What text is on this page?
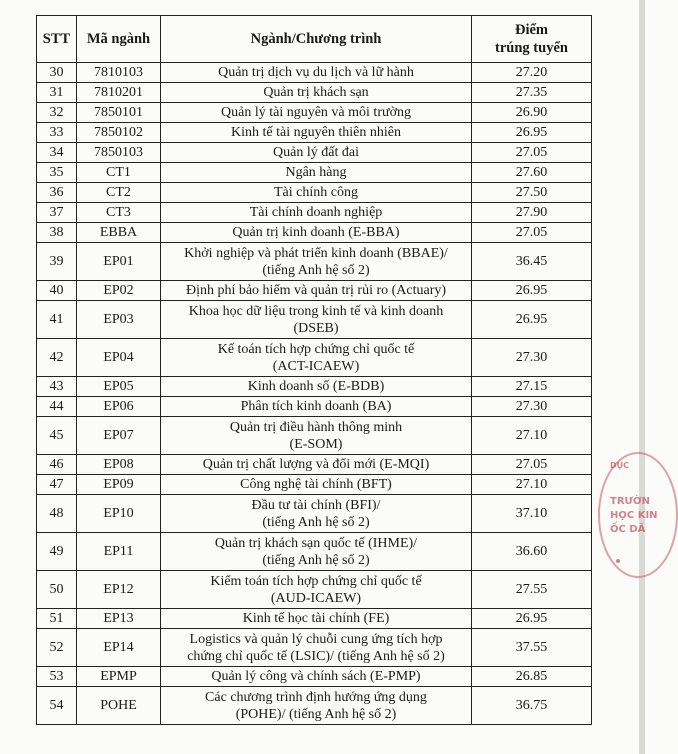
STT	Mã ngành	Ngành/Chương trình	Điểm
trúng tuyển
30	7810103	Quản trị dịch vụ du lịch và lữ hành	27.20
31	7810201	Quản trị khách sạn	27.35
32	7850101	Quản lý tài nguyên và môi trường	26.90
33	7850102	Kinh tế tài nguyên thiên nhiên	26.95
34	7850103	Quản lý đất đai	27.05
35	CT1	Ngân hàng	27.60
36	CT2	Tài chính công	27.50
37	CT3	Tài chính doanh nghiệp	27.90
38	EBBA	Quản trị kinh doanh (E-BBA)	27.05
39	EP01	Khởi nghiệp và phát triển kinh doanh (BBAE)/
(tiếng Anh hệ số 2)	36.45
40	EP02	Định phí bảo hiểm và quản trị rủi ro (Actuary)	26.95
41	EP03	Khoa học dữ liệu trong kinh tế và kinh doanh
(DSEB)	26.95
42	EP04	Kế toán tích hợp chứng chỉ quốc tế
(ACT-ICAEW)	27.30
43	EP05	Kinh doanh số (E-BDB)	27.15
44	EP06	Phân tích kinh doanh (BA)	27.30
45	EP07	Quản trị điều hành thông minh
(E-SOM)	27.10
46	EP08	Quản trị chất lượng và đổi mới (E-MQI)	27.05
47	EP09	Công nghệ tài chính (BFT)	27.10
48	EP10	Đầu tư tài chính (BFI)/
(tiếng Anh hệ số 2)	37.10
49	EP11	Quản trị khách sạn quốc tế (IHME)/
(tiếng Anh hệ số 2)	36.60
50	EP12	Kiểm toán tích hợp chứng chỉ quốc tế
(AUD-ICAEW)	27.55
51	EP13	Kinh tế học tài chính (FE)	26.95
52	EP14	Logistics và quản lý chuỗi cung ứng tích hợp
chứng chỉ quốc tế (LSIC)/ (tiếng Anh hệ số 2)	37.55
53	EPMP	Quản lý công và chính sách (E-PMP)	26.85
54	POHE	Các chương trình định hướng ứng dụng
(POHE)/ (tiếng Anh hệ số 2)	36.75
DỤC
TRƯỜN
HỌC KIN
ỐC DÂ
